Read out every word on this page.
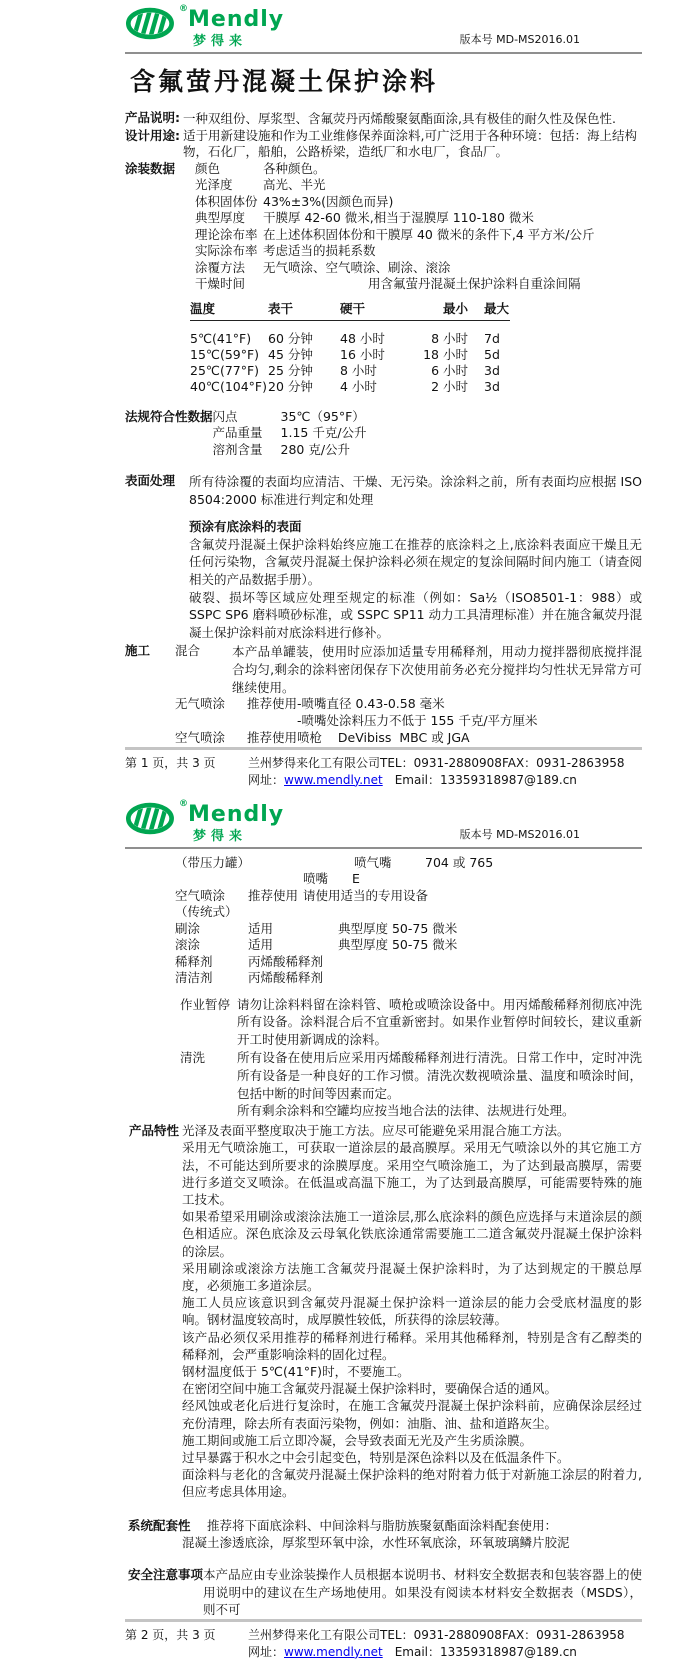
®Mendly
梦得来	版本号 MD-MS2016.01
含氟萤丹混凝土保护涂料
产品说明: 一种双组份、厚浆型、含氟荧丹丙烯酸聚氨酯面涂,具有极佳的耐久性及保色性.
设计用途: 适于用新建设施和作为工业维修保养面涂料,可广泛用于各种环境：包括：海上结构物，石化厂，船舶，公路桥梁，造纸厂和水电厂，食品厂。
涂装数据	颜色	各种颜色。
光泽度	高光、半光
体积固体份 43%±3%(因颜色而异)
典型厚度	干膜厚 42-60 微米,相当于湿膜厚 110-180 微米
理论涂布率 在上述体积固体份和干膜厚 40 微米的条件下,4 平方米/公斤
实际涂布率 考虑适当的损耗系数
涂覆方法	无气喷涂、空气喷涂、刷涂、滚涂
干燥时间	用含氟萤丹混凝土保护涂料自重涂间隔
温度	表干	硬干	最小	最大
5℃(41°F)	60 分钟	48 小时	8 小时	7d
15℃(59°F) 45 分钟	16 小时	18 小时	5d
25℃(77°F) 25 分钟	8 小时	6 小时	3d
40℃(104°F) 20 分钟	4 小时	2 小时	3d
法规符合性数据 闪点	35℃（95°F）
产品重量	1.15 千克/公升
溶剂含量	280 克/公升
表面处理	所有待涂覆的表面均应清洁、干燥、无污染。涂涂料之前，所有表面均应根据 ISO 8504:2000 标准进行判定和处理
预涂有底涂料的表面

含氟荧丹混凝土保护涂料始终应施工在推荐的底涂料之上,底涂料表面应干燥且无任何污染物，含氟荧丹混凝土保护涂料必须在规定的复涂间隔时间内施工（请查阅相关的产品数据手册）。

破裂、损坏等区域应处理至规定的标准（例如：Sa½（ISO8501-1：988）或 SSPC SP6 磨料喷砂标准，或 SSPC SP11 动力工具清理标准）并在施含氟荧丹混凝土保护涂料前对底涂料进行修补。

施工	混合	本产品单罐装，使用时应添加适量专用稀释剂，用动力搅拌器彻底搅拌混合均匀,剩余的涂料密闭保存下次使用前务必充分搅拌均匀性状无异常方可继续使用。
无气喷涂	推荐使用 -喷嘴直径 0.43-0.58 毫米
-喷嘴处涂料压力不低于 155 千克/平方厘米
空气喷涂	推荐使用 喷枪    DeVibiss  MBC 或 JGA
第 1 页，共 3 页	兰州梦得来化工有限公司 TEL：0931-2880908 FAX：0931-2863958
网址： www.mendly.net Email：13359318987@189.cn
®Mendly
梦得来	版本号 MD-MS2016.01
（带压力罐）	喷气嘴	704 或 765
喷嘴	E
空气喷涂	推荐使用 请使用适当的专用设备
（传统式）
刷涂	适用	典型厚度 50-75 微米
滚涂	适用	典型厚度 50-75 微米
稀释剂	丙烯酸稀释剂
清洁剂	丙烯酸稀释剂
作业暂停 请勿让涂料料留在涂料管、喷枪或喷涂设备中。用丙烯酸稀释剂彻底冲洗所有设备。涂料混合后不宜重新密封。如果作业暂停时间较长，建议重新开工时使用新调成的涂料。
清洗	所有设备在使用后应采用丙烯酸稀释剂进行清洗。日常工作中，定时冲洗所有设备是一种良好的工作习惯。清洗次数视喷涂量、温度和喷涂时间，包括中断的时间等因素而定。

所有剩余涂料和空罐均应按当地合法的法律、法规进行处理。

产品特性 光泽及表面平整度取决于施工方法。应尽可能避免采用混合施工方法。

采用无气喷涂施工，可获取一道涂层的最高膜厚。采用无气喷涂以外的其它施工方法，不可能达到所要求的涂膜厚度。采用空气喷涂施工，为了达到最高膜厚，需要进行多道交叉喷涂。在低温或高温下施工，为了达到最高膜厚，可能需要特殊的施工技术。

如果希望采用刷涂或滚涂法施工一道涂层,那么底涂料的颜色应选择与末道涂层的颜色相适应。深色底涂及云母氧化铁底涂通常需要施工二道含氟荧丹混凝土保护涂料的涂层。

采用刷涂或滚涂方法施工含氟荧丹混凝土保护涂料时，为了达到规定的干膜总厚度，必须施工多道涂层。

施工人员应该意识到含氟荧丹混凝土保护涂料一道涂层的能力会受底材温度的影响。钢材温度较高时，成厚膜性较低，所获得的涂层较薄。

该产品必须仅采用推荐的稀释剂进行稀释。采用其他稀释剂，特别是含有乙醇类的稀释剂，会严重影响涂料的固化过程。

钢材温度低于 5℃(41°F)时，不要施工。

在密闭空间中施工含氟荧丹混凝土保护涂料时，要确保合适的通风。

经风蚀或老化后进行复涂时，在施工含氟荧丹混凝土保护涂料前，应确保涂层经过充份清理，除去所有表面污染物，例如：油脂、油、盐和道路灰尘。

施工期间或施工后立即冷凝，会导致表面无光及产生劣质涂膜。

过早暴露于积水之中会引起变色，特别是深色涂料以及在低温条件下。

面涂料与老化的含氟荧丹混凝土保护涂料的绝对附着力低于对新施工涂层的附着力,但应考虑具体用途。

系统配套性	推荐将下面底涂料、中间涂料与脂肪族聚氨酯面涂料配套使用：
混凝土渗透底涂，厚浆型环氧中涂，水性环氧底涂，环氧玻璃鳞片胶泥
安全注意事项 本产品应由专业涂装操作人员根据本说明书、材料安全数据表和包装容器上的使用说明中的建议在生产场地使用。如果没有阅读本材料安全数据表（MSDS），则不可
第 2 页，共 3 页	兰州梦得来化工有限公司 TEL：0931-2880908 FAX：0931-2863958
网址： www.mendly.net Email：13359318987@189.cn
